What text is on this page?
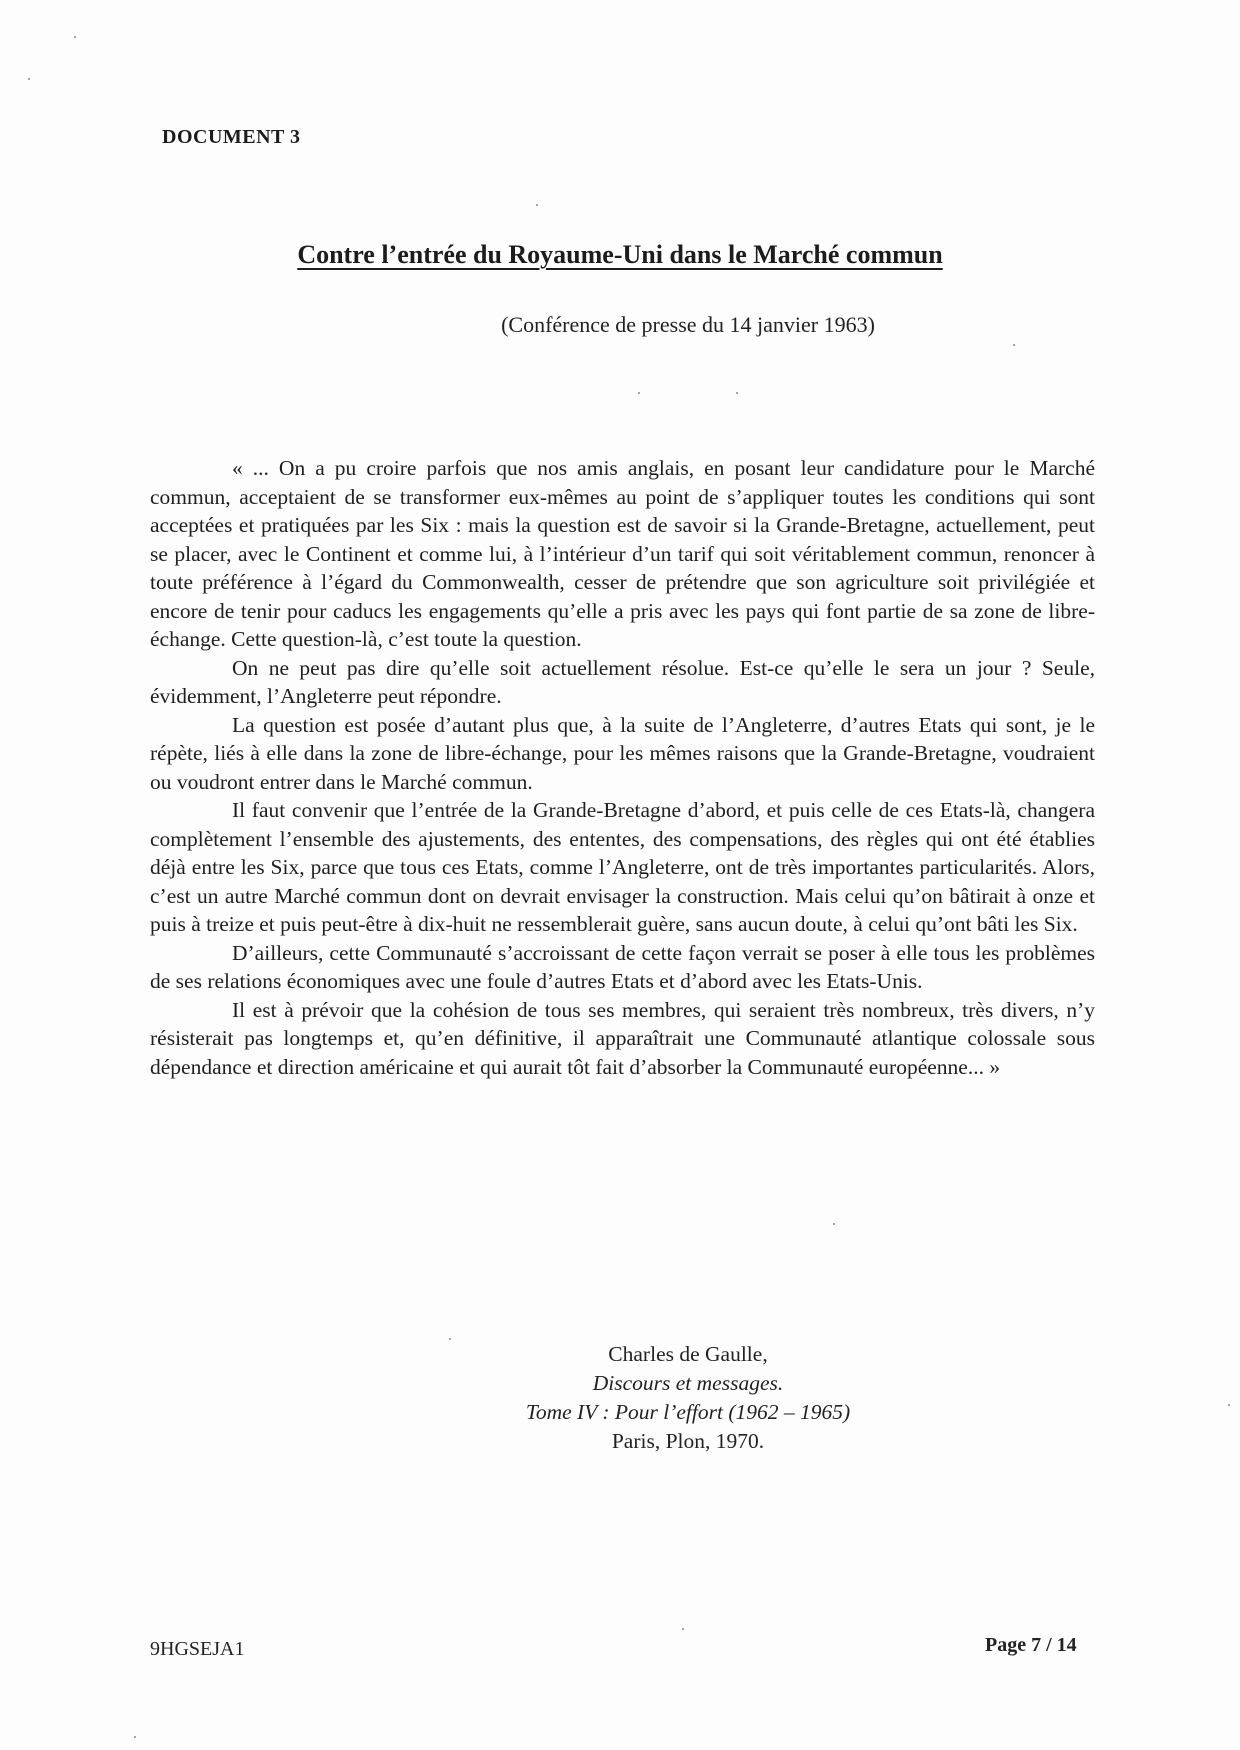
DOCUMENT 3
Contre l’entrée du Royaume-Uni dans le Marché commun
(Conférence de presse du 14 janvier 1963)

« ... On a pu croire parfois que nos amis anglais, en posant leur candidature pour le Marché commun, acceptaient de se transformer eux-mêmes au point de s’appliquer toutes les conditions qui sont acceptées et pratiquées par les Six : mais la question est de savoir si la Grande-Bretagne, actuellement, peut se placer, avec le Continent et comme lui, à l’intérieur d’un tarif qui soit véritablement commun, renoncer à toute préférence à l’égard du Commonwealth, cesser de prétendre que son agriculture soit privilégiée et encore de tenir pour caducs les engagements qu’elle a pris avec les pays qui font partie de sa zone de libre-échange. Cette question-là, c’est toute la question.

On ne peut pas dire qu’elle soit actuellement résolue. Est-ce qu’elle le sera un jour ? Seule, évidemment, l’Angleterre peut répondre.

La question est posée d’autant plus que, à la suite de l’Angleterre, d’autres Etats qui sont, je le répète, liés à elle dans la zone de libre-échange, pour les mêmes raisons que la Grande-Bretagne, voudraient ou voudront entrer dans le Marché commun.

Il faut convenir que l’entrée de la Grande-Bretagne d’abord, et puis celle de ces Etats-là, changera complètement l’ensemble des ajustements, des ententes, des compensations, des règles qui ont été établies déjà entre les Six, parce que tous ces Etats, comme l’Angleterre, ont de très importantes particularités. Alors, c’est un autre Marché commun dont on devrait envisager la construction. Mais celui qu’on bâtirait à onze et puis à treize et puis peut-être à dix-huit ne ressemblerait guère, sans aucun doute, à celui qu’ont bâti les Six.

D’ailleurs, cette Communauté s’accroissant de cette façon verrait se poser à elle tous les problèmes de ses relations économiques avec une foule d’autres Etats et d’abord avec les Etats-Unis.

Il est à prévoir que la cohésion de tous ses membres, qui seraient très nombreux, très divers, n’y résisterait pas longtemps et, qu’en définitive, il apparaîtrait une Communauté atlantique colossale sous dépendance et direction américaine et qui aurait tôt fait d’absorber la Communauté européenne... »

Charles de Gaulle,
Discours et messages.
Tome IV : Pour l’effort (1962 – 1965)
Paris, Plon, 1970.
9HGSEJA1	Page 7 / 14
